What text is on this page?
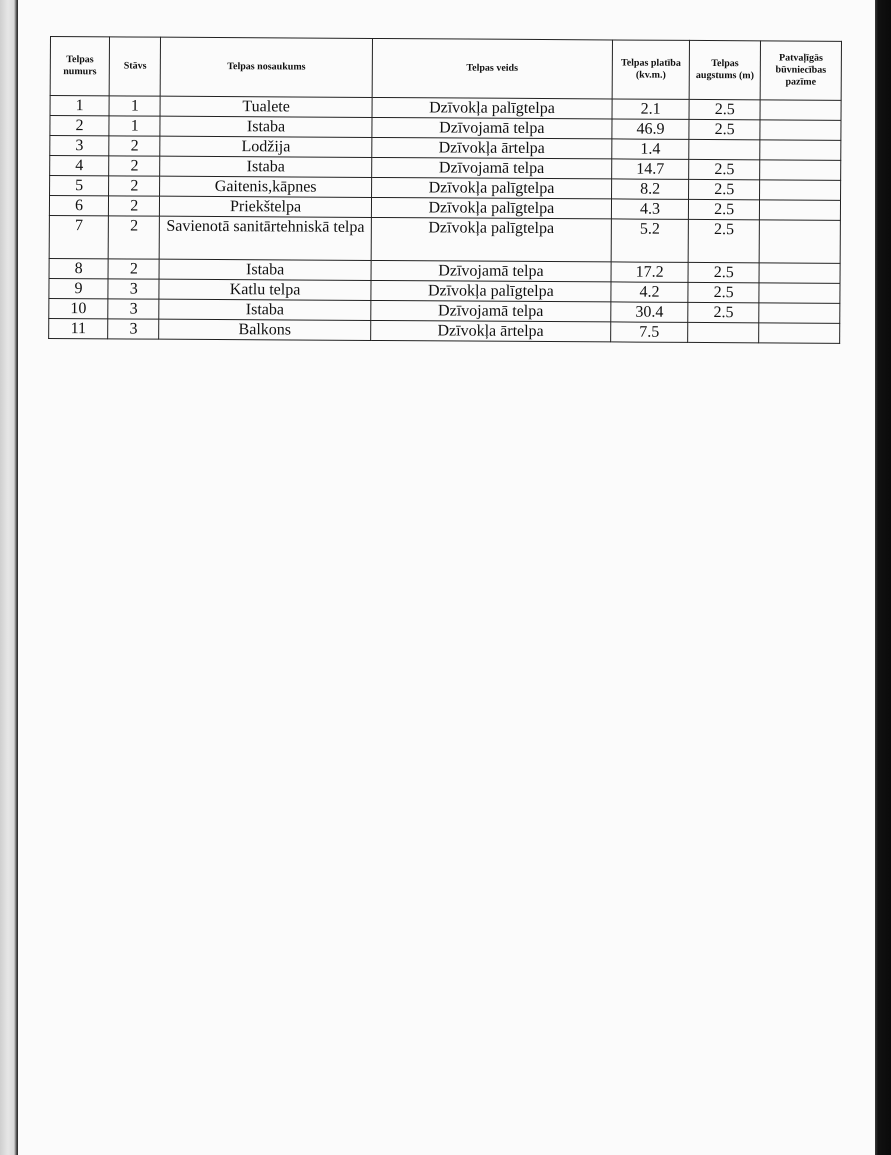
Telpas numurs	Stāvs	Telpas nosaukums	Telpas veids	Telpas platība (kv.m.)	Telpas augstums (m)	Patvaļīgās būvniecības pazīme
1	1	Tualete	Dzīvokļa palīgtelpa	2.1	2.5	
2	1	Istaba	Dzīvojamā telpa	46.9	2.5	
3	2	Lodžija	Dzīvokļa ārtelpa	1.4		
4	2	Istaba	Dzīvojamā telpa	14.7	2.5	
5	2	Gaitenis,kāpnes	Dzīvokļa palīgtelpa	8.2	2.5	
6	2	Priekštelpa	Dzīvokļa palīgtelpa	4.3	2.5	
7	2	Savienotā sanitārtehniskā telpa	Dzīvokļa palīgtelpa	5.2	2.5	
8	2	Istaba	Dzīvojamā telpa	17.2	2.5	
9	3	Katlu telpa	Dzīvokļa palīgtelpa	4.2	2.5	
10	3	Istaba	Dzīvojamā telpa	30.4	2.5	
11	3	Balkons	Dzīvokļa ārtelpa	7.5		
